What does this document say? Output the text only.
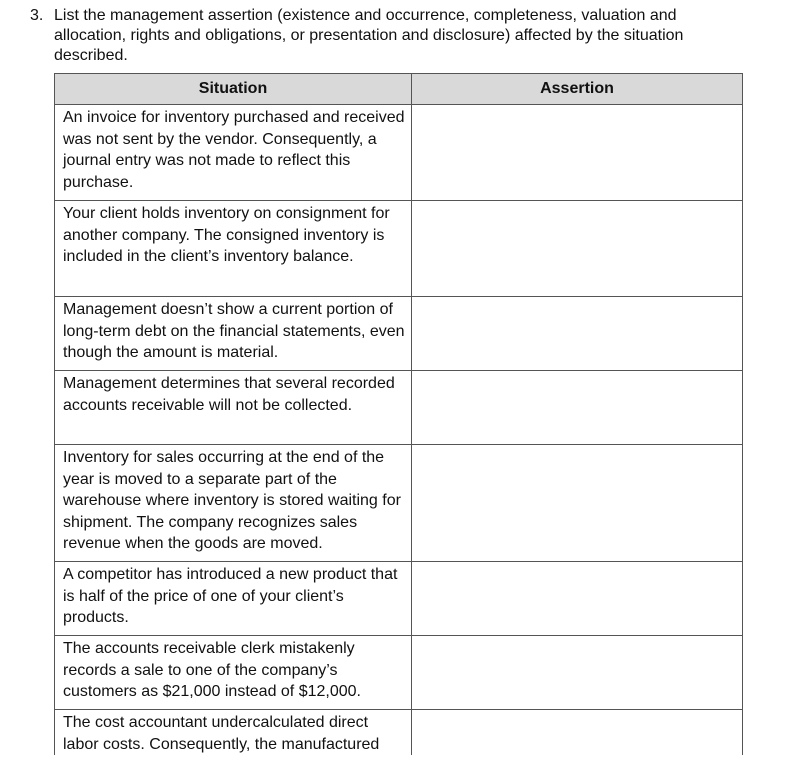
3. List the management assertion (existence and occurrence, completeness, valuation and allocation, rights and obligations, or presentation and disclosure) affected by the situation described.
Situation	Assertion
An invoice for inventory purchased and received was not sent by the vendor. Consequently, a journal entry was not made to reflect this purchase.	
Your client holds inventory on consignment for another company. The consigned inventory is included in the client’s inventory balance.	
Management doesn’t show a current portion of long-term debt on the financial statements, even though the amount is material.	
Management determines that several recorded accounts receivable will not be collected.	
Inventory for sales occurring at the end of the year is moved to a separate part of the warehouse where inventory is stored waiting for shipment. The company recognizes sales revenue when the goods are moved.	
A competitor has introduced a new product that is half of the price of one of your client’s products.	
The accounts receivable clerk mistakenly records a sale to one of the company’s customers as $21,000 instead of $12,000.	

The cost accountant undercalculated direct labor costs. Consequently, the manufactured	
